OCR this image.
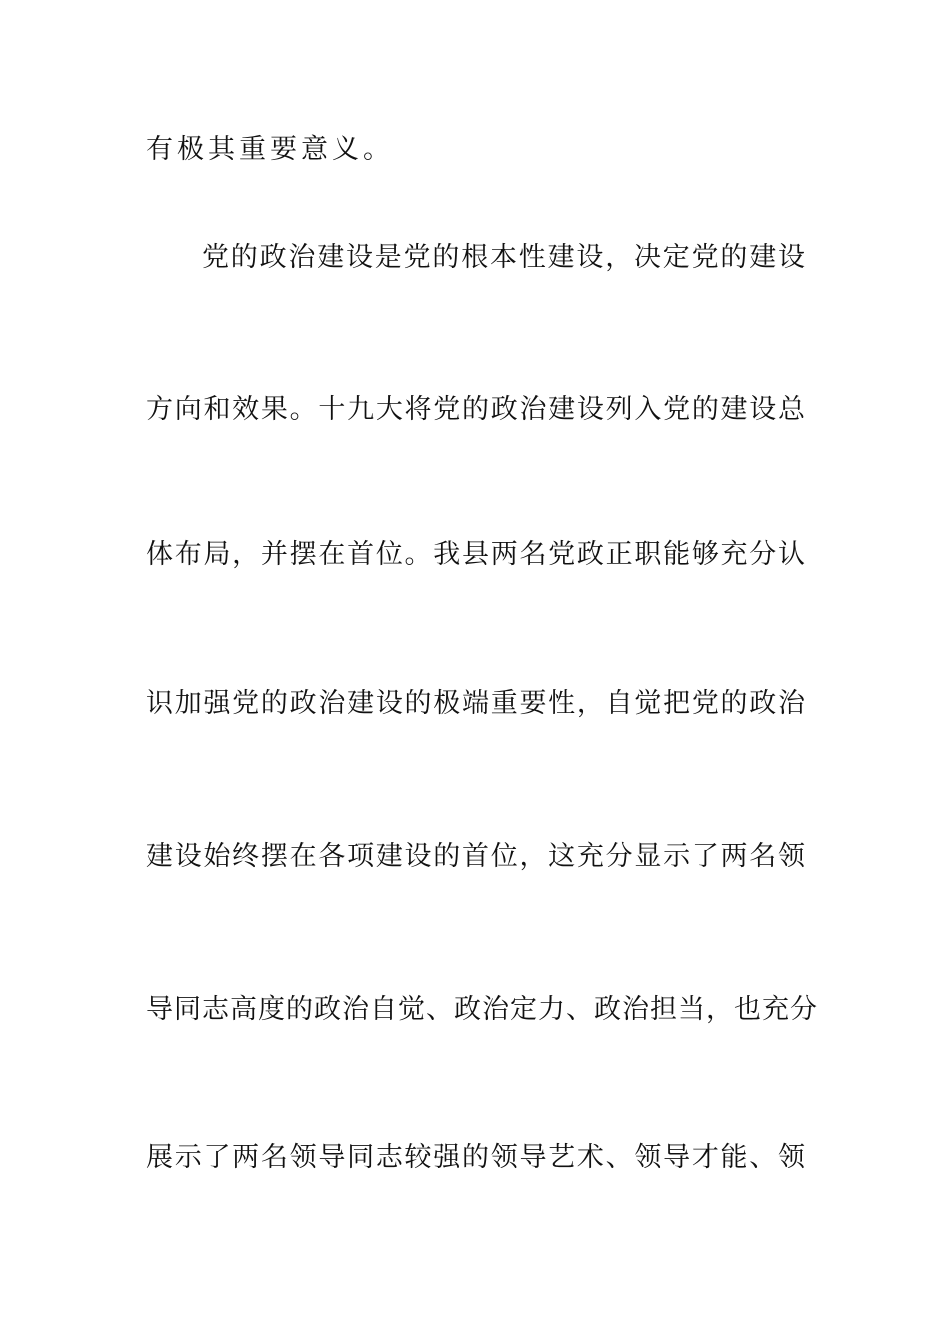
有极其重要意义。
党的政治建设是党的根本性建设，决定党的建设
方向和效果。十九大将党的政治建设列入党的建设总
体布局，并摆在首位。我县两名党政正职能够充分认
识加强党的政治建设的极端重要性，自觉把党的政治
建设始终摆在各项建设的首位，这充分显示了两名领
导同志高度的政治自觉、政治定力、政治担当，也充分
展示了两名领导同志较强的领导艺术、领导才能、领
